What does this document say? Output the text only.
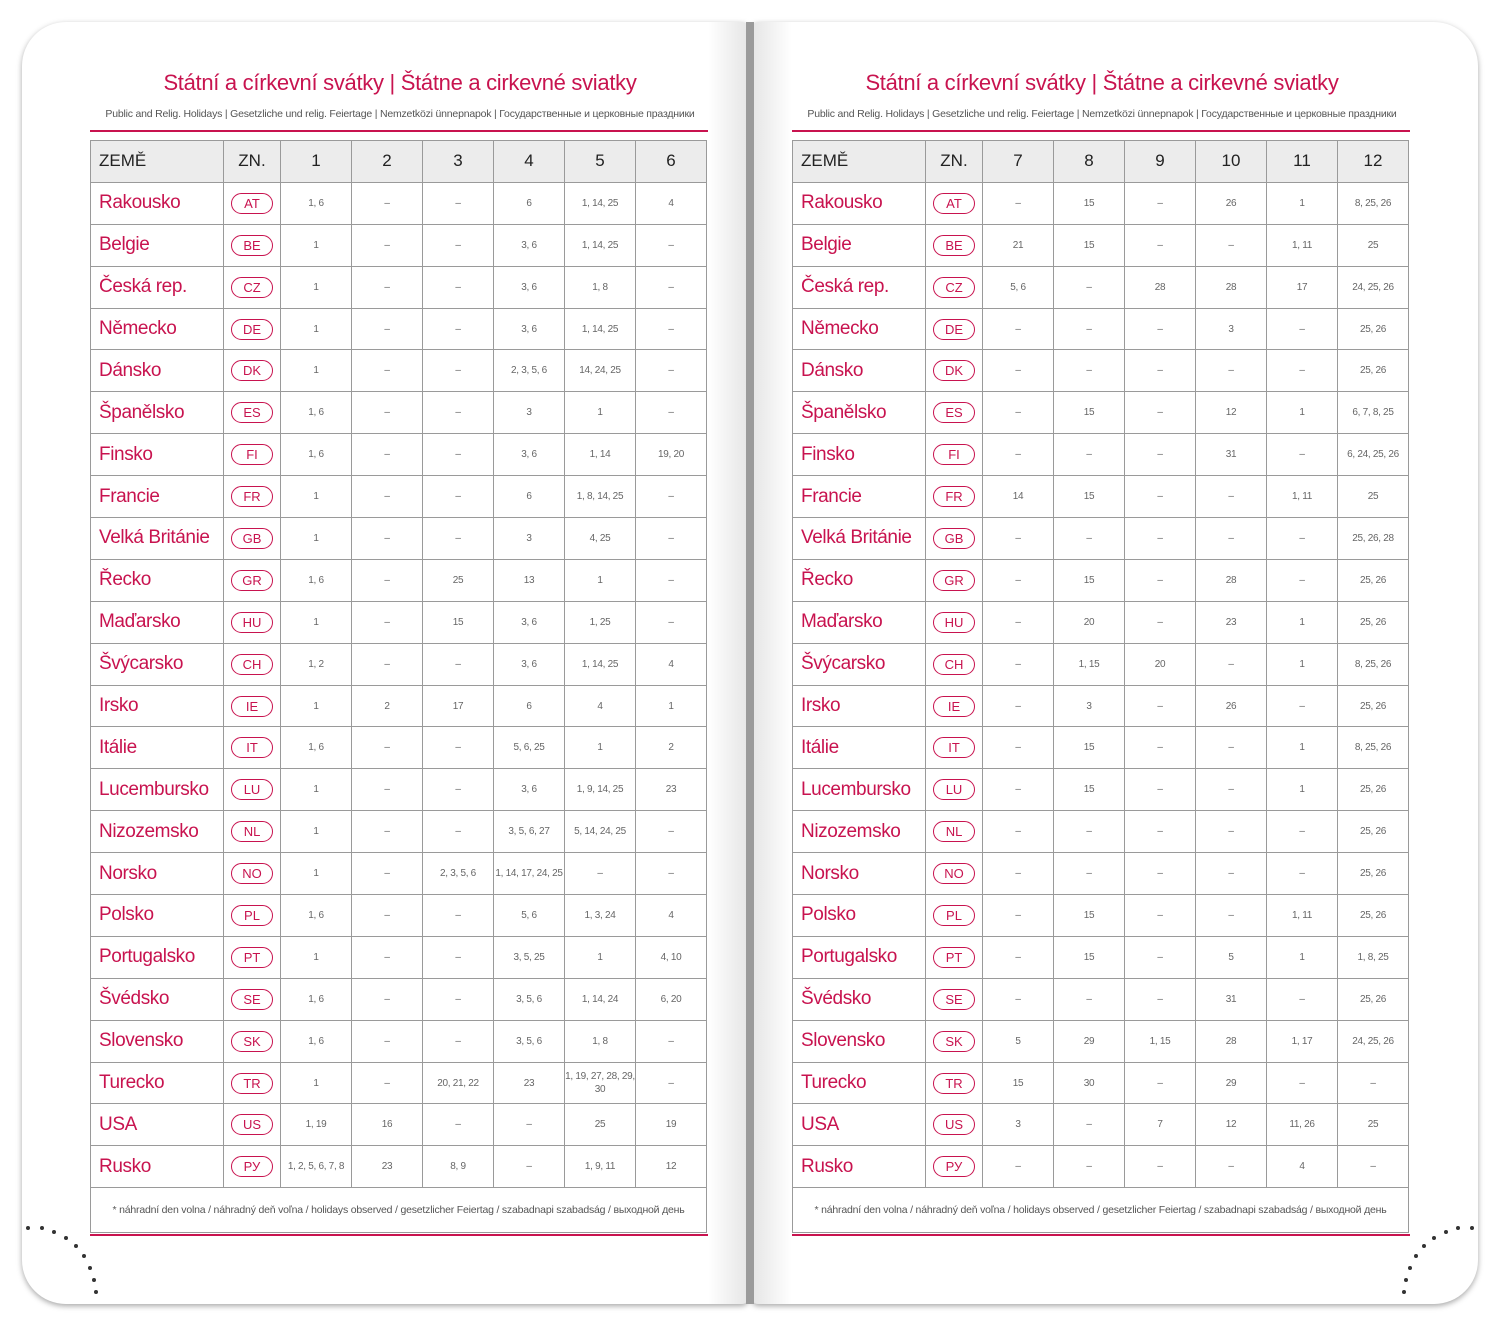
Státní a církevní svátky | Štátne a cirkevné sviatky
Public and Relig. Holidays | Gesetzliche und relig. Feiertage | Nemzetközi ünnepnapok | Государственные и церковные праздники
ZEMĚ	ZN.	1	2	3	4	5	6
Rakousko	AT	1, 6	–	–	6	1, 14, 25	4
Belgie	BE	1	–	–	3, 6	1, 14, 25	–
Česká rep.	CZ	1	–	–	3, 6	1, 8	–
Německo	DE	1	–	–	3, 6	1, 14, 25	–
Dánsko	DK	1	–	–	2, 3, 5, 6	14, 24, 25	–
Španělsko	ES	1, 6	–	–	3	1	–
Finsko	FI	1, 6	–	–	3, 6	1, 14	19, 20
Francie	FR	1	–	–	6	1, 8, 14, 25	–
Velká Británie	GB	1	–	–	3	4, 25	–
Řecko	GR	1, 6	–	25	13	1	–
Maďarsko	HU	1	–	15	3, 6	1, 25	–
Švýcarsko	CH	1, 2	–	–	3, 6	1, 14, 25	4
Irsko	IE	1	2	17	6	4	1
Itálie	IT	1, 6	–	–	5, 6, 25	1	2
Lucembursko	LU	1	–	–	3, 6	1, 9, 14, 25	23
Nizozemsko	NL	1	–	–	3, 5, 6, 27	5, 14, 24, 25	–
Norsko	NO	1	–	2, 3, 5, 6	1, 14, 17, 24, 25	–	–
Polsko	PL	1, 6	–	–	5, 6	1, 3, 24	4
Portugalsko	PT	1	–	–	3, 5, 25	1	4, 10
Švédsko	SE	1, 6	–	–	3, 5, 6	1, 14, 24	6, 20
Slovensko	SK	1, 6	–	–	3, 5, 6	1, 8	–
Turecko	TR	1	–	20, 21, 22	23	1, 19, 27, 28, 29, 30	–
USA	US	1, 19	16	–	–	25	19
Rusko	РУ	1, 2, 5, 6, 7, 8	23	8, 9	–	1, 9, 11	12
* náhradní den volna / náhradný deň voľna / holidays observed / gesetzlicher Feiertag / szabadnapi szabadság / выходной день							
Státní a církevní svátky | Štátne a cirkevné sviatky
Public and Relig. Holidays | Gesetzliche und relig. Feiertage | Nemzetközi ünnepnapok | Государственные и церковные праздники
ZEMĚ	ZN.	7	8	9	10	11	12
Rakousko	AT	–	15	–	26	1	8, 25, 26
Belgie	BE	21	15	–	–	1, 11	25
Česká rep.	CZ	5, 6	–	28	28	17	24, 25, 26
Německo	DE	–	–	–	3	–	25, 26
Dánsko	DK	–	–	–	–	–	25, 26
Španělsko	ES	–	15	–	12	1	6, 7, 8, 25
Finsko	FI	–	–	–	31	–	6, 24, 25, 26
Francie	FR	14	15	–	–	1, 11	25
Velká Británie	GB	–	–	–	–	–	25, 26, 28
Řecko	GR	–	15	–	28	–	25, 26
Maďarsko	HU	–	20	–	23	1	25, 26
Švýcarsko	CH	–	1, 15	20	–	1	8, 25, 26
Irsko	IE	–	3	–	26	–	25, 26
Itálie	IT	–	15	–	–	1	8, 25, 26
Lucembursko	LU	–	15	–	–	1	25, 26
Nizozemsko	NL	–	–	–	–	–	25, 26
Norsko	NO	–	–	–	–	–	25, 26
Polsko	PL	–	15	–	–	1, 11	25, 26
Portugalsko	PT	–	15	–	5	1	1, 8, 25
Švédsko	SE	–	–	–	31	–	25, 26
Slovensko	SK	5	29	1, 15	28	1, 17	24, 25, 26
Turecko	TR	15	30	–	29	–	–
USA	US	3	–	7	12	11, 26	25
Rusko	РУ	–	–	–	–	4	–
* náhradní den volna / náhradný deň voľna / holidays observed / gesetzlicher Feiertag / szabadnapi szabadság / выходной день							
